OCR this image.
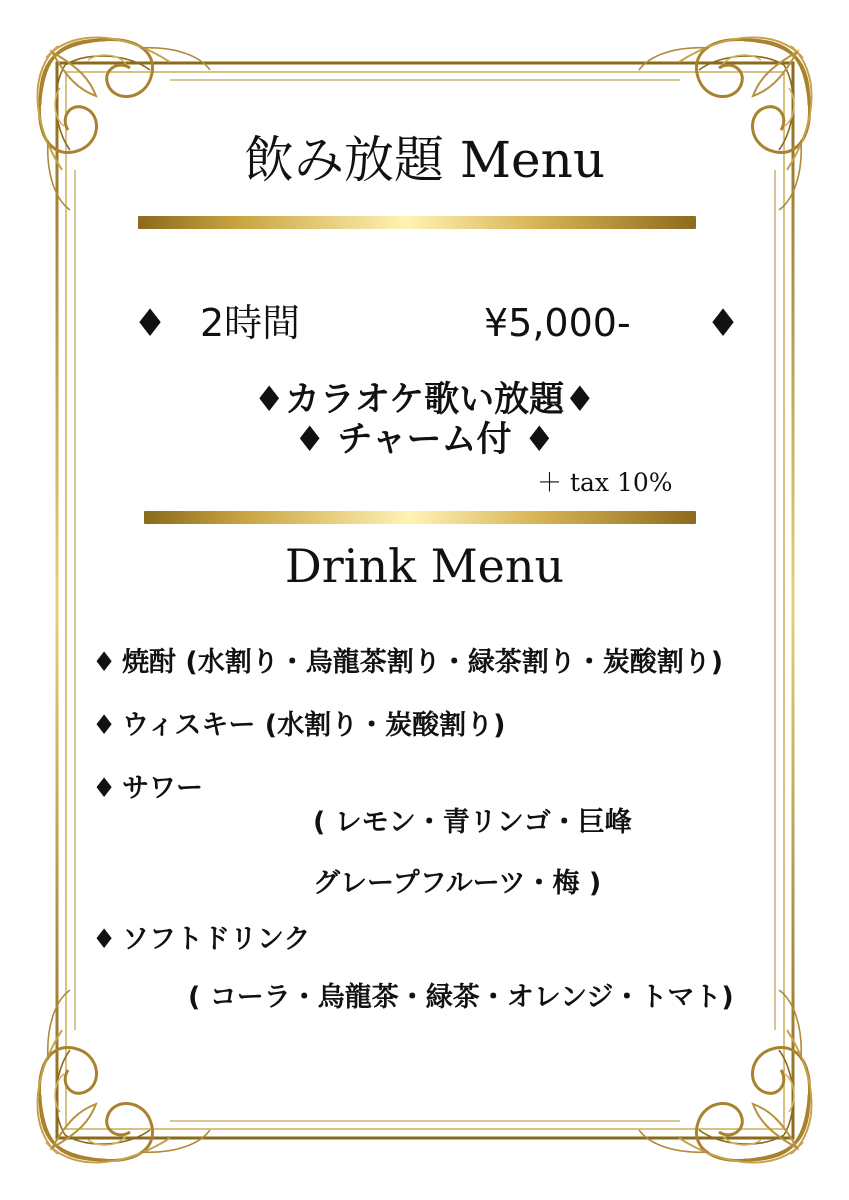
飲み放題 Menu
♦ 2時間	¥5,000- ♦
♦カラオケ歌い放題♦
♦ チャーム付 ♦
＋ tax 10%
Drink Menu
♦ 焼酎 (水割り・烏龍茶割り・緑茶割り・炭酸割り)
♦ ウィスキー (水割り・炭酸割り)
♦ サワー
( レモン・青リンゴ・巨峰
グレープフルーツ・梅 )
♦ ソフトドリンク
( コーラ・烏龍茶・緑茶・オレンジ・トマト)
